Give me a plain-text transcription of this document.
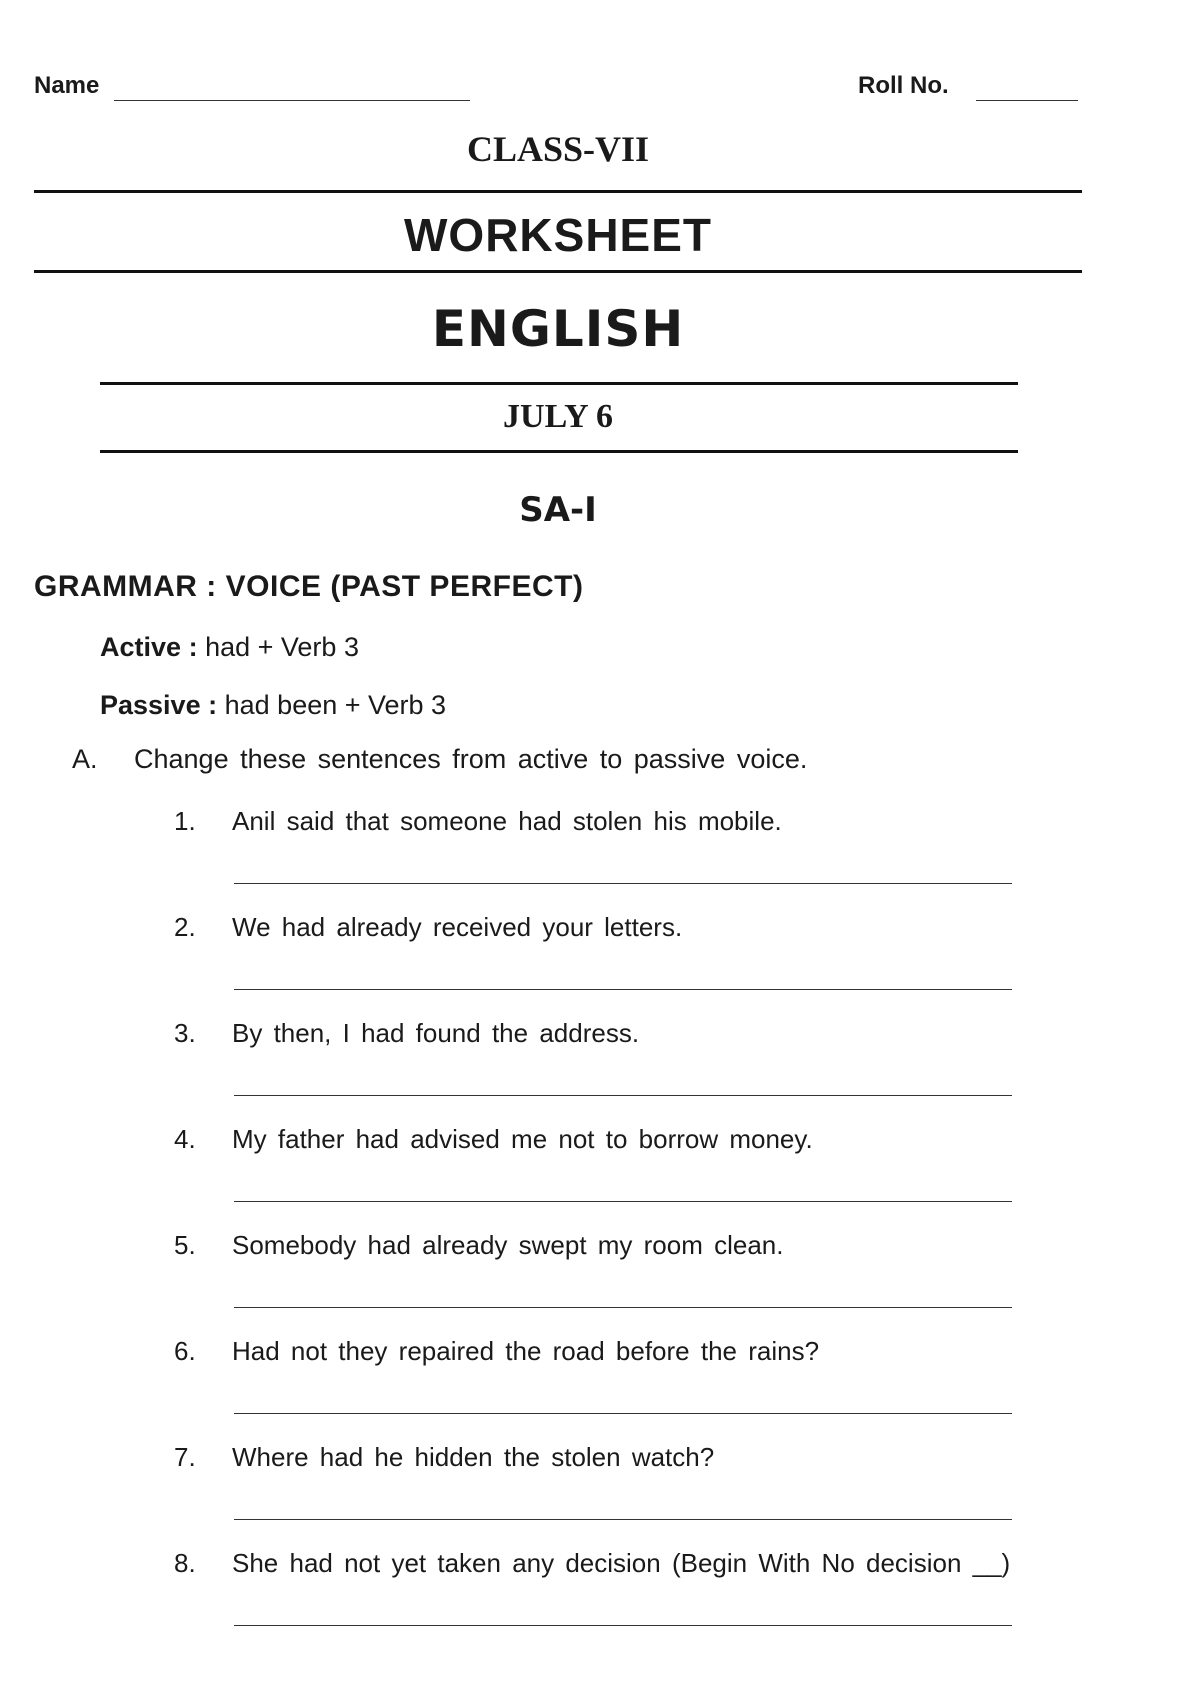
Name	Roll No.
CLASS-VII
WORKSHEET
ENGLISH
JULY 6
SA-I
GRAMMAR : VOICE (PAST PERFECT)
Active : had + Verb 3
Passive : had been + Verb 3
A. Change these sentences from active to passive voice.
1.	Anil said that someone had stolen his mobile.
2.	We had already received your letters.
3.	By then, I had found the address.
4.	My father had advised me not to borrow money.
5.	Somebody had already swept my room clean.
6.	Had not they repaired the road before the rains?
7.	Where had he hidden the stolen watch?
8.	She had not yet taken any decision (Begin With No decision __)
